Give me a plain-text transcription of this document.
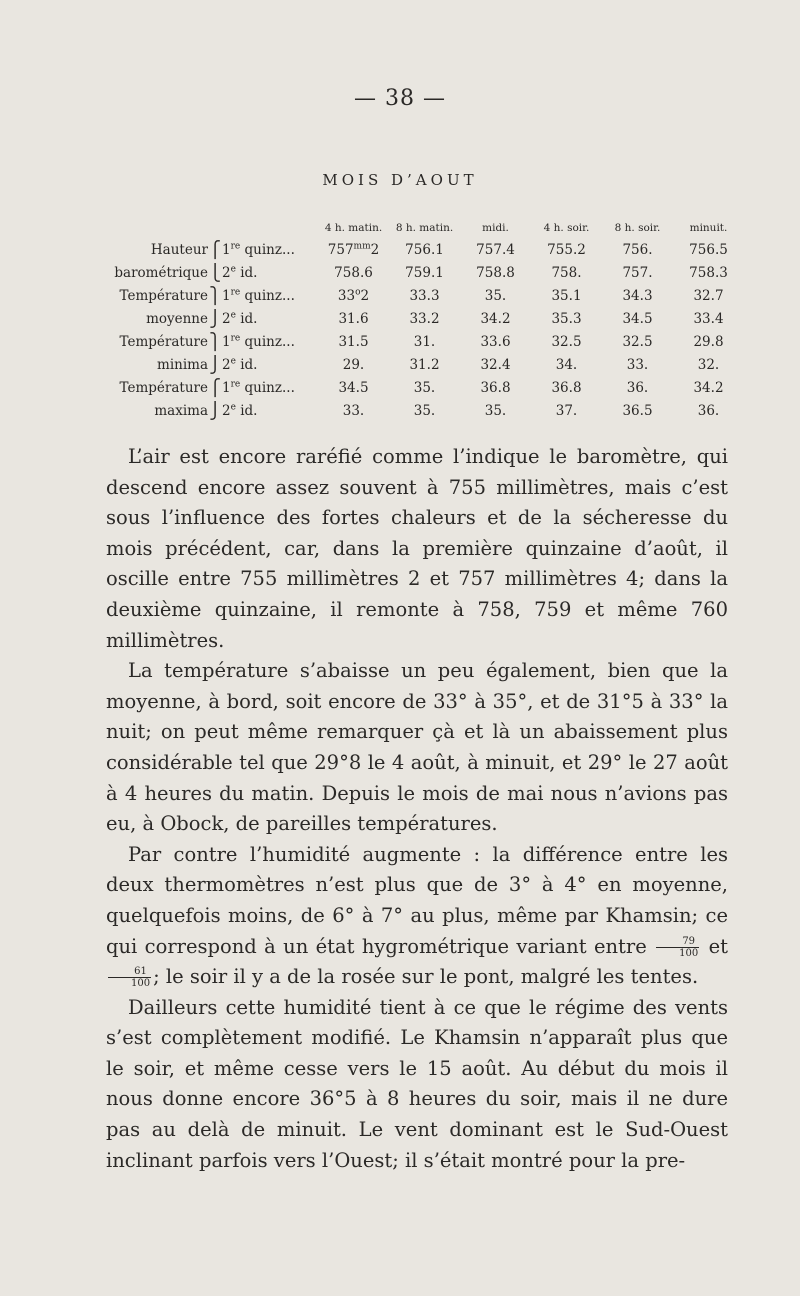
— 38 —
MOIS D’AOUT
			4 h. matin.	8 h. matin.	midi.	4 h. soir.	8 h. soir.	minuit.
Hauteur	⎧	1re quinz...	$757^{mm}2$	756.1	757.4	755.2	756.	756.5
barométrique	⎩	2e id.	758.6	759.1	758.8	758.	757.	758.3
Température	⎫	1re quinz...	33$^o$2	33.3	35.	35.1	34.3	32.7
moyenne	⎭	2e id.	31.6	33.2	34.2	35.3	34.5	33.4
Température	⎫	1re quinz...	31.5	31.	33.6	32.5	32.5	29.8
minima	⎭	2e id.	29.	31.2	32.4	34.	33.	32.
Température	⎧	1re quinz...	34.5	35.	36.8	36.8	36.	34.2
maxima	⎭	2e id.	33.	35.	35.	37.	36.5	36.

L’air est encore raréfié comme l’indique le baromètre, qui descend encore assez souvent à 755 millimètres, mais c’est sous l’influence des fortes chaleurs et de la sécheresse du mois précédent, car, dans la première quinzaine d’août, il oscille entre 755 millimètres 2 et 757 millimètres 4; dans la deuxième quinzaine, il remonte à 758, 759 et même 760 millimètres.

La température s’abaisse un peu également, bien que la moyenne, à bord, soit encore de 33° à 35°, et de 31°5 à 33° la nuit; on peut même remarquer çà et là un abaissement plus considérable tel que 29°8 le 4 août, à minuit, et 29° le 27 août à 4 heures du matin. Depuis le mois de mai nous n’avions pas eu, à Obock, de pareilles températures.

Par contre l’humidité augmente : la différence entre les deux thermomètres n’est plus que de 3° à 4° en moyenne, quelquefois moins, de 6° à 7° au plus, même par Khamsin; ce qui correspond à un état hygrométrique variant entre $\frac{79}{100}$ et
$\frac{61}{100}$ ; le soir il y a de la rosée sur le pont, malgré les tentes.

Dailleurs cette humidité tient à ce que le régime des vents s’est complètement modifié. Le Khamsin n’apparaît plus que le soir, et même cesse vers le 15 août. Au début du mois il nous donne encore 36°5 à 8 heures du soir, mais il ne dure pas au delà de minuit. Le vent dominant est le Sud-Ouest inclinant parfois vers l’Ouest; il s’était montré pour la pre-
